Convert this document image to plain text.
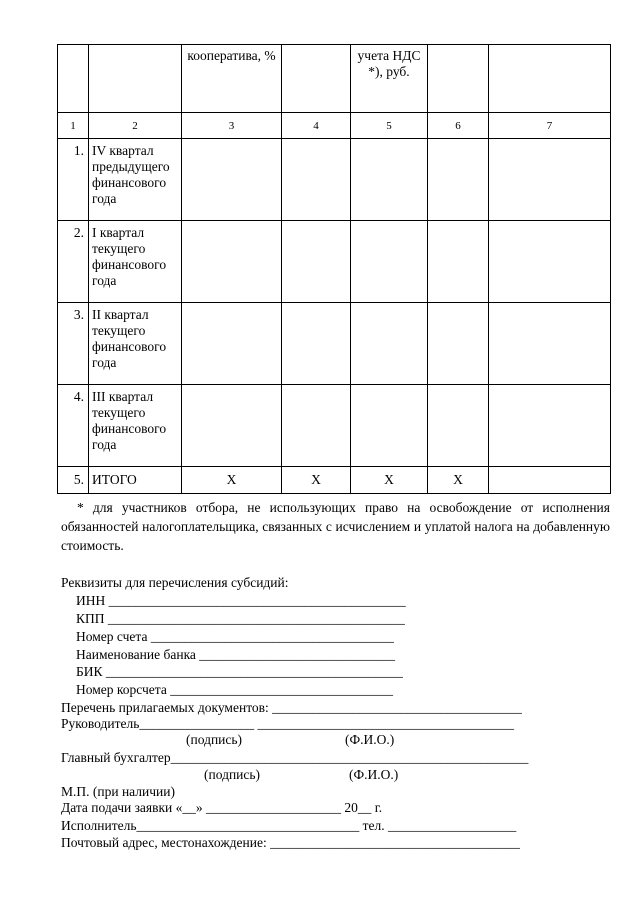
		кооператива, %		учета НДС *), руб.		
1	2	3	4	5	6	7
1.	IV квартал предыдущего финансового года					
2.	I квартал текущего финансового года					
3.	II квартал текущего финансового года					
4.	III квартал текущего финансового года					
5.	ИТОГО	Х	Х	Х	Х	
* для участников отбора, не использующих право на освобождение от исполнения обязанностей налогоплательщика, связанных с исчислением и уплатой налога на добавленную стоимость.
Реквизиты для перечисления субсидий:
ИНН ____________________________________________
КПП ____________________________________________
Номер счета ____________________________________
Наименование банка _____________________________
БИК ____________________________________________
Номер корсчета _________________________________
Перечень прилагаемых документов: _____________________________________
Руководитель_________________ ______________________________________
(подпись)	(Ф.И.О.)
Главный бухгалтер_____________________________________________________
(подпись)	(Ф.И.О.)
М.П. (при наличии)
Дата подачи заявки «__» ____________________ 20__ г.
Исполнитель_________________________________ тел. ___________________
Почтовый адрес, местонахождение: _____________________________________
